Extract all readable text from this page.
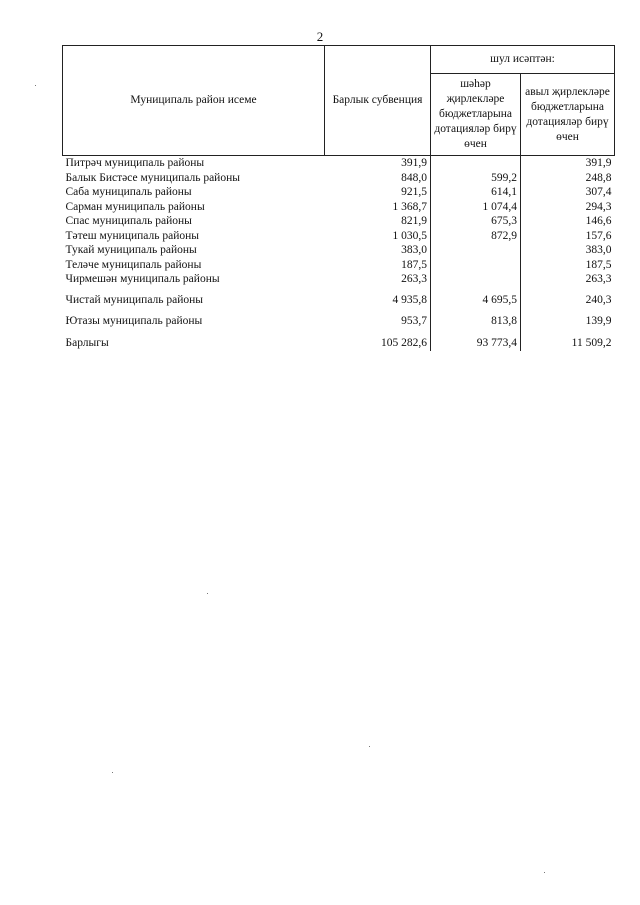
2
Муниципаль район исеме	Барлык субвенция	шул исәптән:	
		шәһәр җирлекләре бюджетларына дотацияләр бирү өчен	авыл җирлекләре бюджетларына дотацияләр бирү өчен
Питрәч муниципаль районы	391,9		391,9
Балык Бистәсе муниципаль районы	848,0	599,2	248,8
Саба муниципаль районы	921,5	614,1	307,4
Сарман муниципаль районы	1 368,7	1 074,4	294,3
Спас муниципаль районы	821,9	675,3	146,6
Тәтеш муниципаль районы	1 030,5	872,9	157,6
Тукай муниципаль районы	383,0		383,0
Теләче муниципаль районы	187,5		187,5
Чирмешән муниципаль районы	263,3		263,3
Чистай муниципаль районы	4 935,8	4 695,5	240,3
Ютазы муниципаль районы	953,7	813,8	139,9
Барлыгы	105 282,6	93 773,4	11 509,2
